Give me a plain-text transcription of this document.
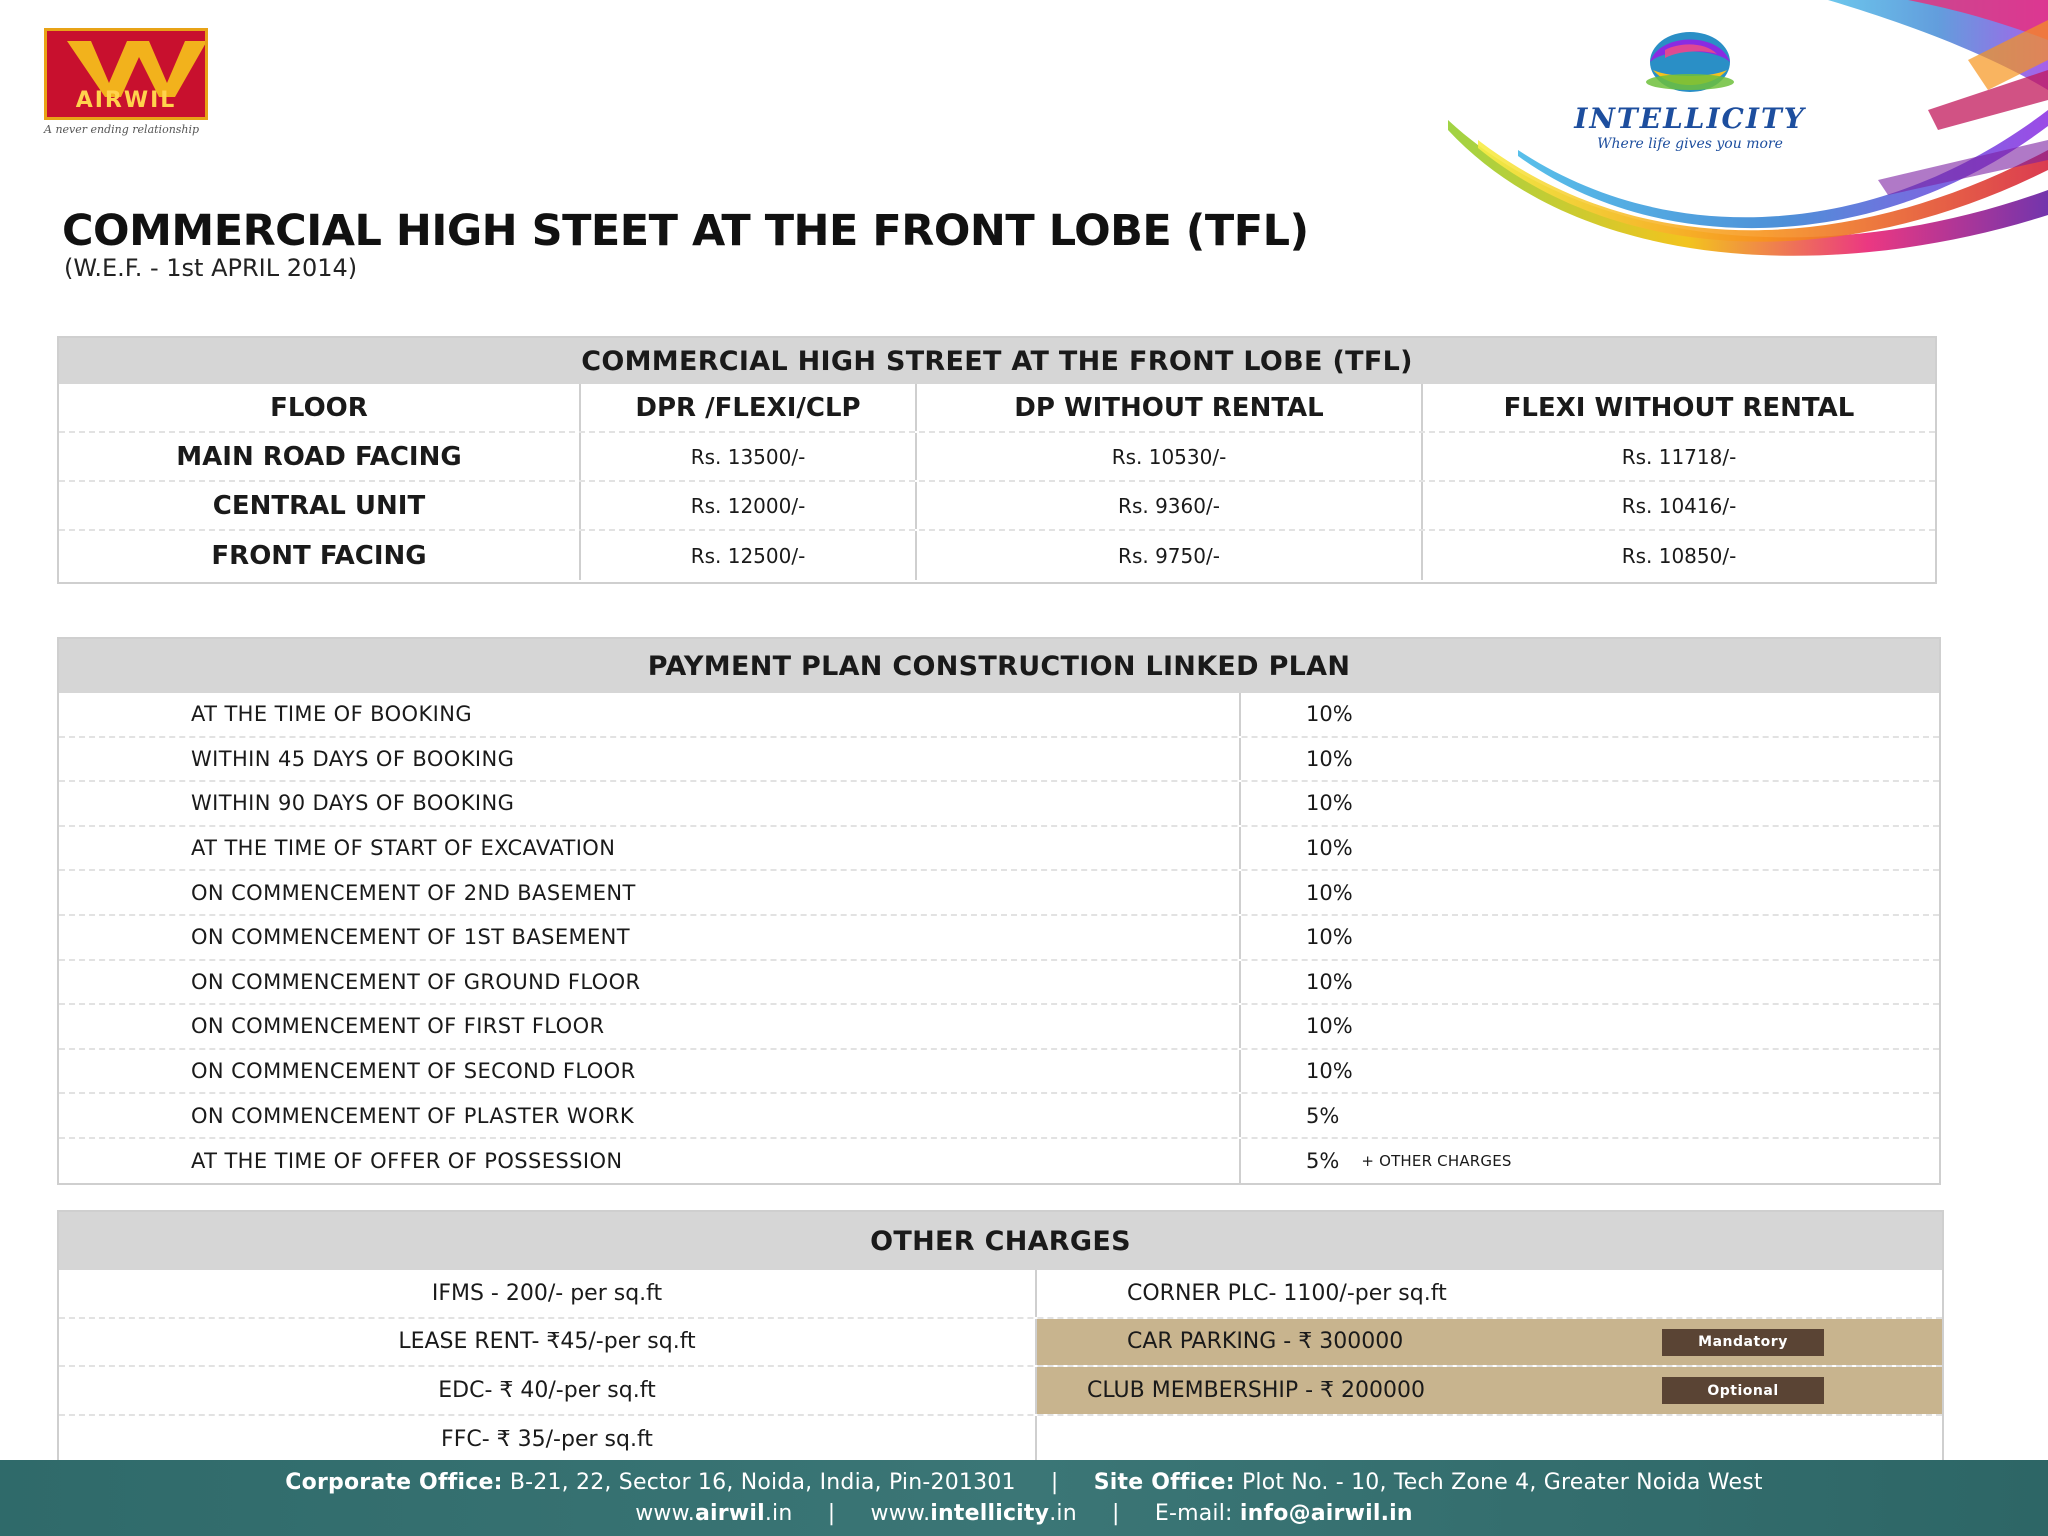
AIRWIL
A never ending relationship	INTELLICITY
Where life gives you more
COMMERCIAL HIGH STEET AT THE FRONT LOBE (TFL)
(W.E.F. - 1st APRIL 2014)
COMMERCIAL HIGH STREET AT THE FRONT LOBE (TFL)
FLOOR	DPR /FLEXI/CLP	DP WITHOUT RENTAL	FLEXI WITHOUT RENTAL
MAIN ROAD FACING	Rs. 13500/-	Rs. 10530/-	Rs. 11718/-
CENTRAL UNIT	Rs. 12000/-	Rs. 9360/-	Rs. 10416/-
FRONT FACING	Rs. 12500/-	Rs. 9750/-	Rs. 10850/-
PAYMENT PLAN CONSTRUCTION LINKED PLAN
AT THE TIME OF BOOKING	10%
WITHIN 45 DAYS OF BOOKING	10%
WITHIN 90 DAYS OF BOOKING	10%
AT THE TIME OF START OF EXCAVATION	10%
ON COMMENCEMENT OF 2ND BASEMENT	10%
ON COMMENCEMENT OF 1ST BASEMENT	10%
ON COMMENCEMENT OF GROUND FLOOR	10%
ON COMMENCEMENT OF FIRST FLOOR	10%
ON COMMENCEMENT OF SECOND FLOOR	10%
ON COMMENCEMENT OF PLASTER WORK	5%
AT THE TIME OF OFFER OF POSSESSION	5% + OTHER CHARGES
OTHER CHARGES
IFMS - 200/- per sq.ft	CORNER PLC- 1100/-per sq.ft
LEASE RENT- ₹45/-per sq.ft	CAR PARKING - ₹ 300000	Mandatory
EDC- ₹ 40/-per sq.ft	CLUB MEMBERSHIP - ₹ 200000	Optional
FFC- ₹ 35/-per sq.ft
Corporate Office: B-21, 22, Sector 16, Noida, India, Pin-201301 | Site Office: Plot No. - 10, Tech Zone 4, Greater Noida West
www.airwil.in | www.intellicity.in | E-mail: info@airwil.in
